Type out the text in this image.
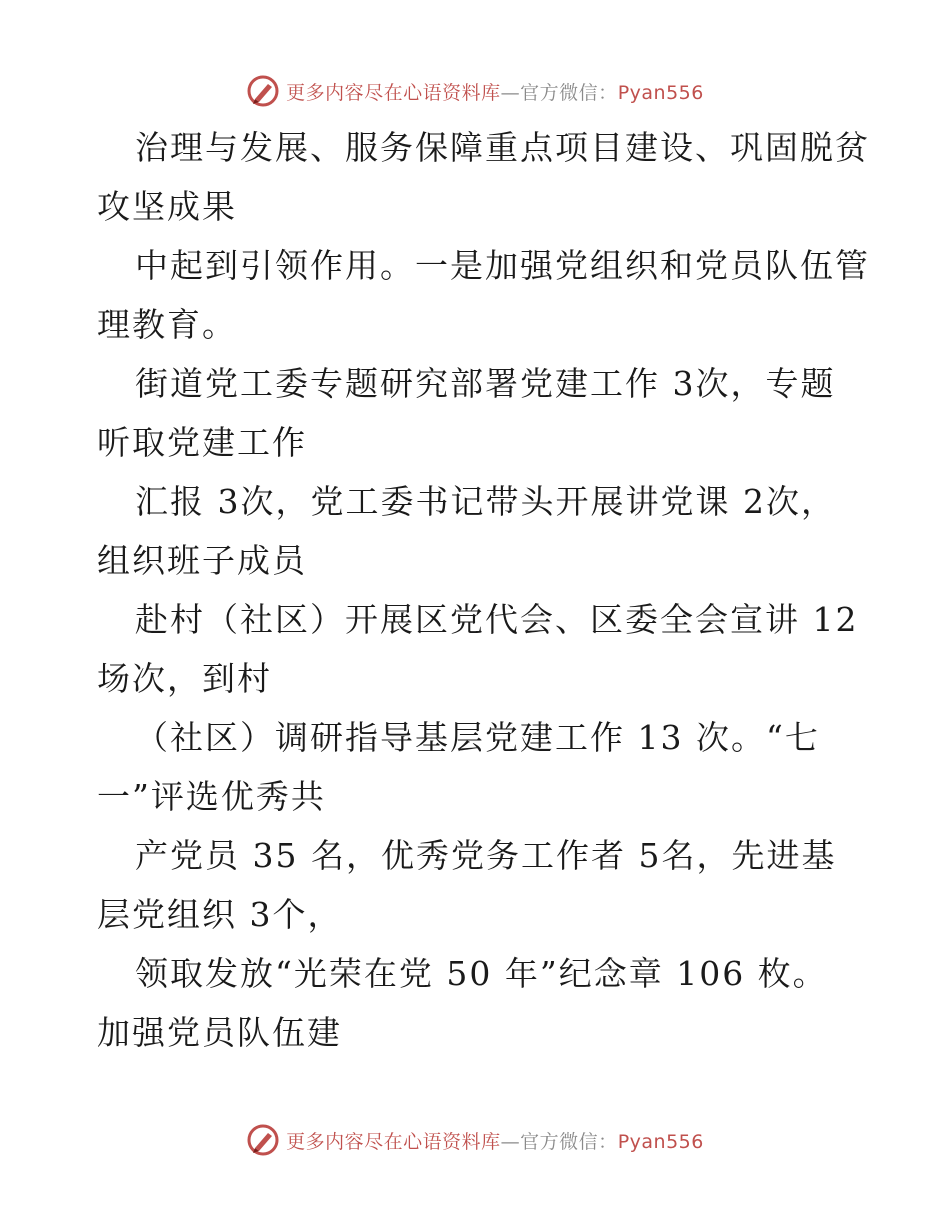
更多内容尽在心语资料库—官方微信：Pyan556
治理与发展、服务保障重点项目建设、巩固脱贫
攻坚成果
中起到引领作用。一是加强党组织和党员队伍管
理教育。
街道党工委专题研究部署党建工作 3次，专题
听取党建工作
汇报 3次，党工委书记带头开展讲党课 2次，
组织班子成员
赴村（社区）开展区党代会、区委全会宣讲 12
场次，到村
（社区）调研指导基层党建工作 13 次。“七
一”评选优秀共
产党员 35 名，优秀党务工作者 5名，先进基
层党组织 3个，
领取发放“光荣在党 50 年”纪念章 106 枚。
加强党员队伍建
更多内容尽在心语资料库—官方微信：Pyan556
